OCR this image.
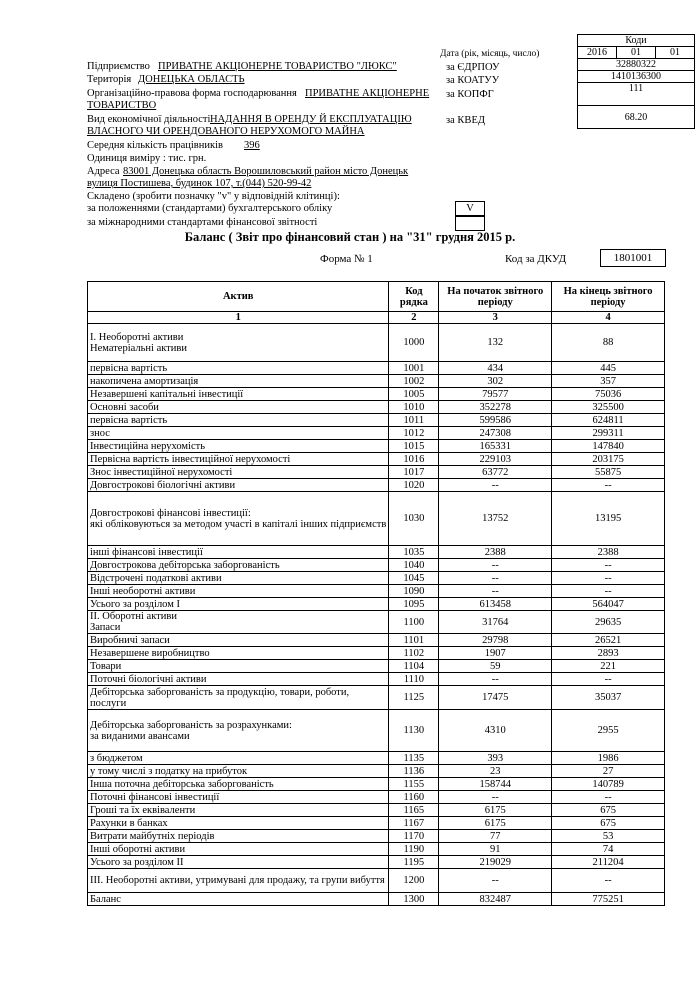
	Коди		
	2016	01	01
	32880322		
	1410136300		
	111		
	68.20		
Дата (рік, місяць, число)
Підприємство ПРИВАТНЕ АКЦІОНЕРНЕ ТОВАРИСТВО "ЛЮКС"	за ЄДРПОУ
Територія ДОНЕЦЬКА ОБЛАСТЬ	за КОАТУУ
Організаційно-правова форма господарювання ПРИВАТНЕ АКЦІОНЕРНЕ
ТОВАРИСТВО
за КОПФГ
Вид економічної діяльності НАДАННЯ В ОРЕНДУ Й ЕКСПЛУАТАЦІЮ
ВЛАСНОГО ЧИ ОРЕНДОВАНОГО НЕРУХОМОГО МАЙНА
за КВЕД
Середня кількість працівників 396
Одиниця виміру : тис. грн.
Адреса 83001 Донецька область Ворошиловський район місто Донецьк
вулиця Постишева, будинок 107, т.(044) 520-99-42
Складено (зробити позначку "v" у відповідній клітинці):
за положеннями (стандартами) бухгалтерського обліку	V
за міжнародними стандартами фінансової звітності
Баланс ( Звіт про фінансовий стан ) на "31" грудня 2015 р.
Форма № 1	Код за ДКУД	1801001
Актив	Код рядка	На початок звітного періоду	На кінець звітного періоду
1	2	3	4
I. Необоротні активи
Нематеріальні активи	1000	132	88
первісна вартість	1001	434	445
накопичена амортизація	1002	302	357
Незавершені капітальні інвестиції	1005	79577	75036
Основні засоби	1010	352278	325500
первісна вартість	1011	599586	624811
знос	1012	247308	299311
Інвестиційна нерухомість	1015	165331	147840
Первісна вартість інвестиційної нерухомості	1016	229103	203175
Знос інвестиційної нерухомості	1017	63772	55875
Довгострокові біологічні активи	1020	--	--
Довгострокові фінансові інвестиції:
які обліковуються за методом участі в капіталі інших підприємств	1030	13752	13195
інші фінансові інвестиції	1035	2388	2388
Довгострокова дебіторська заборгованість	1040	--	--
Відстрочені податкові активи	1045	--	--
Інші необоротні активи	1090	--	--
Усього за розділом I	1095	613458	564047
II. Оборотні активи
Запаси	1100	31764	29635
Виробничі запаси	1101	29798	26521
Незавершене виробництво	1102	1907	2893
Товари	1104	59	221
Поточні біологічні активи	1110	--	--
Дебіторська заборгованість за продукцію, товари, роботи, послуги	1125	17475	35037
Дебіторська заборгованість за розрахунками:
за виданими авансами	1130	4310	2955
з бюджетом	1135	393	1986
у тому числі з податку на прибуток	1136	23	27
Інша поточна дебіторська заборгованість	1155	158744	140789
Поточні фінансові інвестиції	1160	--	--
Гроші та їх еквіваленти	1165	6175	675
Рахунки в банках	1167	6175	675
Витрати майбутніх періодів	1170	77	53
Інші оборотні активи	1190	91	74
Усього за розділом II	1195	219029	211204
III. Необоротні активи, утримувані для продажу, та групи вибуття	1200	--	--
Баланс	1300	832487	775251
